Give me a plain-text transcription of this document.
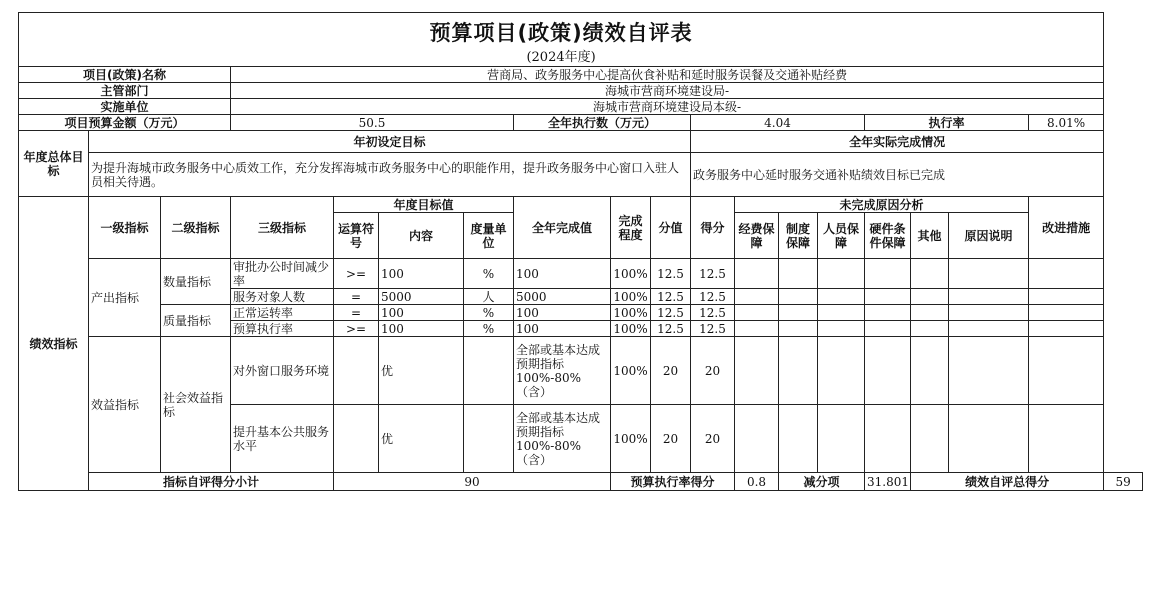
预算项目(政策)绩效自评表
(2024年度)																		

项目(政策)名称			营商局、政务服务中心提高伙食补贴和延时服务误餐及交通补贴经费															
主管部门			海城市营商环境建设局-															
实施单位			海城市营商环境建设局本级-															
项目预算金额（万元）			50.5				全年执行数（万元）			4.04				执行率			8.01%	
年度总体目标	年初设定目标									全年实际完成情况								
	为提升海城市政务服务中心质效工作，充分发挥海城市政务服务中心的职能作用，提升政务服务中心窗口入驻人员相关待遇。									政务服务中心延时服务交通补贴绩效目标已完成								
绩效指标	一级指标	二级指标	三级指标	年度目标值			全年完成值	完成程度	分值	得分	未完成原因分析						改进措施	
				运算符号	内容	度量单位					经费保障	制度保障	人员保障	硬件条件保障	其他	原因说明		
	产出指标	数量指标	审批办公时间减少率	>=	100	%	100	100%	12.5	12.5								
			服务对象人数	=	5000	人	5000	100%	12.5	12.5								
		质量指标	正常运转率	=	100	%	100	100%	12.5	12.5								
			预算执行率	>=	100	%	100	100%	12.5	12.5								
	效益指标	社会效益指标	对外窗口服务环境		优		全部或基本达成预期指标100%-80%（含）	100%	20	20								
			提升基本公共服务水平		优		全部或基本达成预期指标100%-80%（含）	100%	20	20								
	指标自评得分小计			90				预算执行率得分			0.8	减分项		31.801	绩效自评总得分			59
